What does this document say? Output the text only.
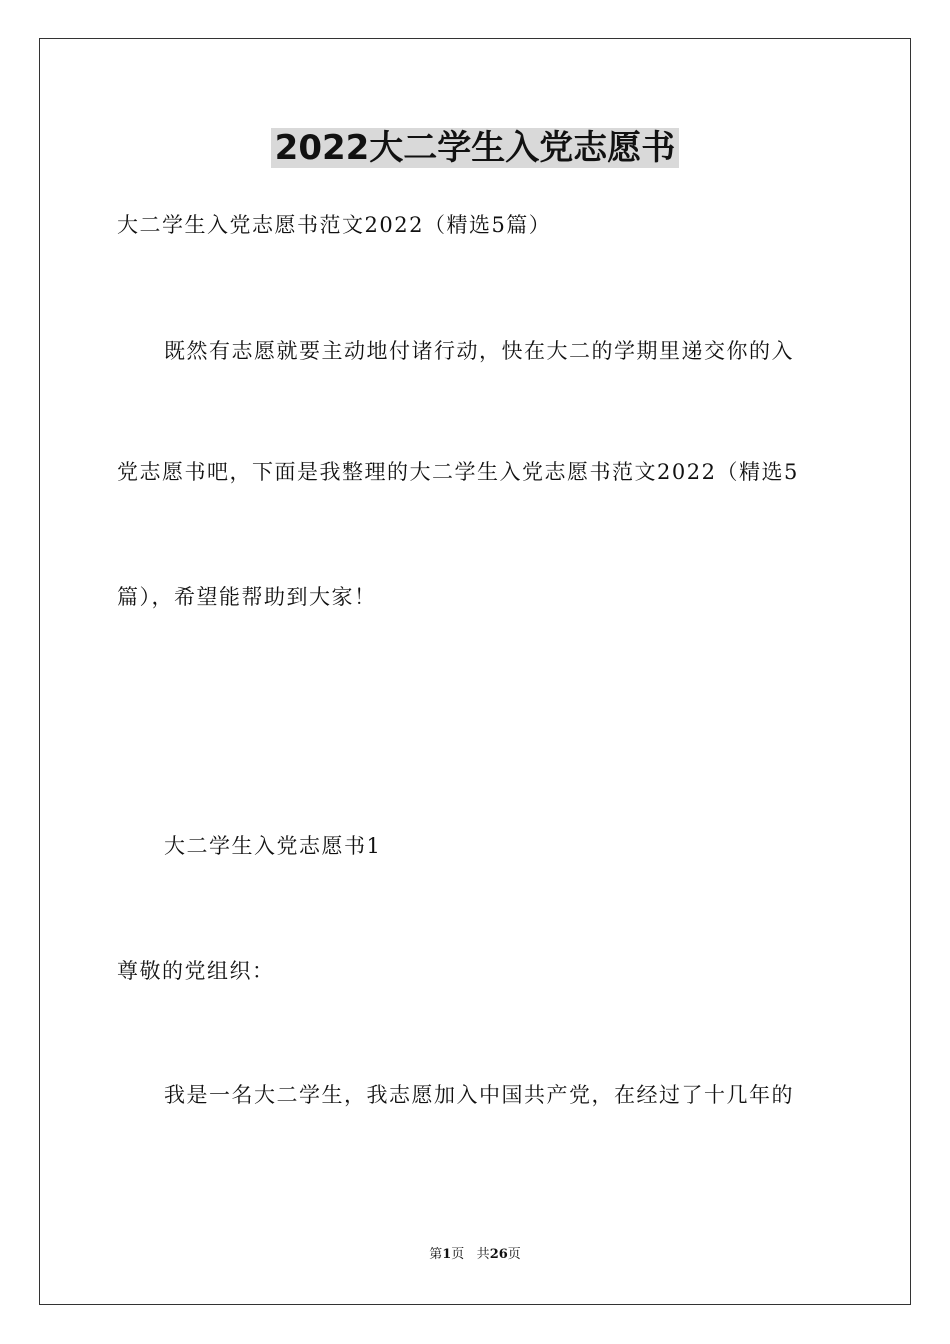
2022大二学生入党志愿书
大二学生入党志愿书范文2022（精选5篇）
既然有志愿就要主动地付诸行动，快在大二的学期里递交你的入
党志愿书吧，下面是我整理的大二学生入党志愿书范文2022（精选5
篇），希望能帮助到大家！
大二学生入党志愿书1
尊敬的党组织：
我是一名大二学生，我志愿加入中国共产党，在经过了十几年的
第1页 共26页
